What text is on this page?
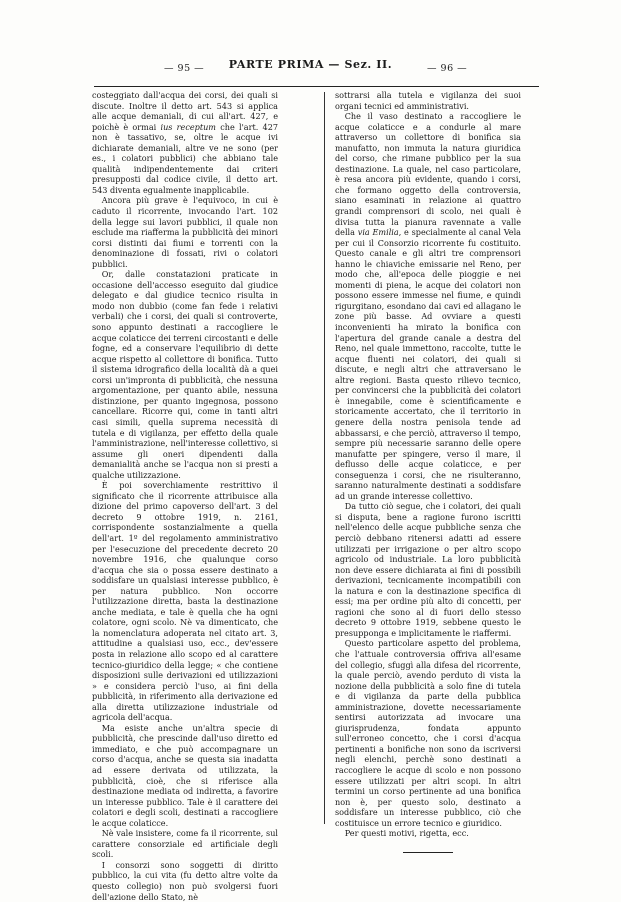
— 95 —	PARTE PRIMA — Sez. II.	— 96 —

costeggiato dall'acqua dei corsi, dei quali si discute. Inoltre il detto art. 543 si applica alle acque demaniali, di cui all'art. 427, e poichè è ormai ius receptum che l'art. 427 non è tassativo, se, oltre le acque ivi dichiarate demaniali, altre ve ne sono (per es., i colatori pubblici) che abbiano tale qualità indipendentemente dai criteri presupposti dal codice civile, il detto art. 543 diventa egualmente inapplicabile.

Ancora più grave è l'equivoco, in cui è caduto il ricorrente, invocando l'art. 102 della legge sui lavori pubblici, il quale non esclude ma riafferma la pubblicità dei minori corsi distinti dai fiumi e torrenti con la denominazione di fossati, rivi o colatori pubblici.

Or, dalle constatazioni praticate in occasione dell'accesso eseguito dal giudice delegato e dal giudice tecnico risulta in modo non dubbio (come fan fede i relativi verbali) che i corsi, dei quali si controverte, sono appunto destinati a raccogliere le acque colaticce dei terreni circostanti e delle fogne, ed a conservare l'equilibrio di dette acque rispetto al collettore di bonifica. Tutto il sistema idrografico della località dà a quei corsi un'impronta di pubblicità, che nessuna argomentazione, per quanto abile, nessuna distinzione, per quanto ingegnosa, possono cancellare. Ricorre qui, come in tanti altri casi simili, quella suprema necessità di tutela e di vigilanza, per effetto della quale l'amministrazione, nell'interesse collettivo, si assume gli oneri dipendenti dalla demanialità anche se l'acqua non si presti a qualche utilizzazione.

È poi soverchiamente restrittivo il significato che il ricorrente attribuisce alla dizione del primo capoverso dell'art. 3 del decreto 9 ottobre 1919, n. 2161, corrispondente sostanzialmente a quella dell'art. 1º del regolamento amministrativo per l'esecuzione del precedente decreto 20 novembre 1916, che qualunque corso d'acqua che sia o possa essere destinato a soddisfare un qualsiasi interesse pubblico, è per natura pubblico. Non occorre l'utilizzazione diretta, basta la destinazione anche mediata, e tale è quella che ha ogni colatore, ogni scolo. Nè va dimenticato, che la nomenclatura adoperata nel citato art. 3, attitudine a qualsiasi uso, ecc., dev'essere posta in relazione allo scopo ed al carattere tecnico-giuridico della legge; « che contiene disposizioni sulle derivazioni ed utilizzazioni » e considera perciò l'uso, ai fini della pubblicità, in riferimento alla derivazione ed alla diretta utilizzazione industriale od agricola dell'acqua.

Ma esiste anche un'altra specie di pubblicità, che prescinde dall'uso diretto ed immediato, e che può accompagnare un corso d'acqua, anche se questa sia inadatta ad essere derivata od utilizzata, la pubblicità, cioè, che si riferisce alla destinazione mediata od indiretta, a favorire un interesse pubblico. Tale è il carattere dei colatori e degli scoli, destinati a raccogliere le acque colaticce.

Nè vale insistere, come fa il ricorrente, sul carattere consorziale ed artificiale degli scoli.

I consorzi sono soggetti di diritto pubblico, la cui vita (fu detto altre volte da questo collegio) non può svolgersi fuori dell'azione dello Stato, nè

sottrarsi alla tutela e vigilanza dei suoi organi tecnici ed amministrativi.

Che il vaso destinato a raccogliere le acque colaticce e a condurle al mare attraverso un collettore di bonifica sia manufatto, non immuta la natura giuridica del corso, che rimane pubblico per la sua destinazione. La quale, nel caso particolare, è resa ancora più evidente, quando i corsi, che formano oggetto della controversia, siano esaminati in relazione ai quattro grandi comprensori di scolo, nei quali è divisa tutta la pianura ravennate a valle della via Emilia, e specialmente al canal Vela per cui il Consorzio ricorrente fu costituito. Questo canale e gli altri tre comprensori hanno le chiaviche emissarie nel Reno, per modo che, all'epoca delle pioggie e nei momenti di piena, le acque dei colatori non possono essere immesse nel fiume, e quindi rigurgitano, esondano dai cavi ed allagano le zone più basse. Ad ovviare a questi inconvenienti ha mirato la bonifica con l'apertura del grande canale a destra del Reno, nel quale immettono, raccolte, tutte le acque fluenti nei colatori, dei quali si discute, e negli altri che attraversano le altre regioni. Basta questo rilievo tecnico, per convincersi che la pubblicità dei colatori è innegabile, come è scientificamente e storicamente accertato, che il territorio in genere della nostra penisola tende ad abbassarsi, e che perciò, attraverso il tempo, sempre più necessarie saranno delle opere manufatte per spingere, verso il mare, il deflusso delle acque colaticce, e per conseguenza i corsi, che ne risulteranno, saranno naturalmente destinati a soddisfare ad un grande interesse collettivo.

Da tutto ciò segue, che i colatori, dei quali si disputa, bene a ragione furono iscritti nell'elenco delle acque pubbliche senza che perciò debbano ritenersi adatti ad essere utilizzati per irrigazione o per altro scopo agricolo od industriale. La loro pubblicità non deve essere dichiarata ai fini di possibili derivazioni, tecnicamente incompatibili con la natura e con la destinazione specifica di essi; ma per ordine più alto di concetti, per ragioni che sono al di fuori dello stesso decreto 9 ottobre 1919, sebbene questo le presupponga e implicitamente le riaffermi.

Questo particolare aspetto del problema, che l'attuale controversia offriva all'esame del collegio, sfuggì alla difesa del ricorrente, la quale perciò, avendo perduto di vista la nozione della pubblicità a solo fine di tutela e di vigilanza da parte della pubblica amministrazione, dovette necessariamente sentirsi autorizzata ad invocare una giurisprudenza, fondata appunto sull'erroneo concetto, che i corsi d'acqua pertinenti a bonifiche non sono da iscriversi negli elenchi, perchè sono destinati a raccogliere le acque di scolo e non possono essere utilizzati per altri scopi. In altri termini un corso pertinente ad una bonifica non è, per questo solo, destinato a soddisfare un interesse pubblico, ciò che costituisce un errore tecnico e giuridico.

Per questi motivi, rigetta, ecc.
